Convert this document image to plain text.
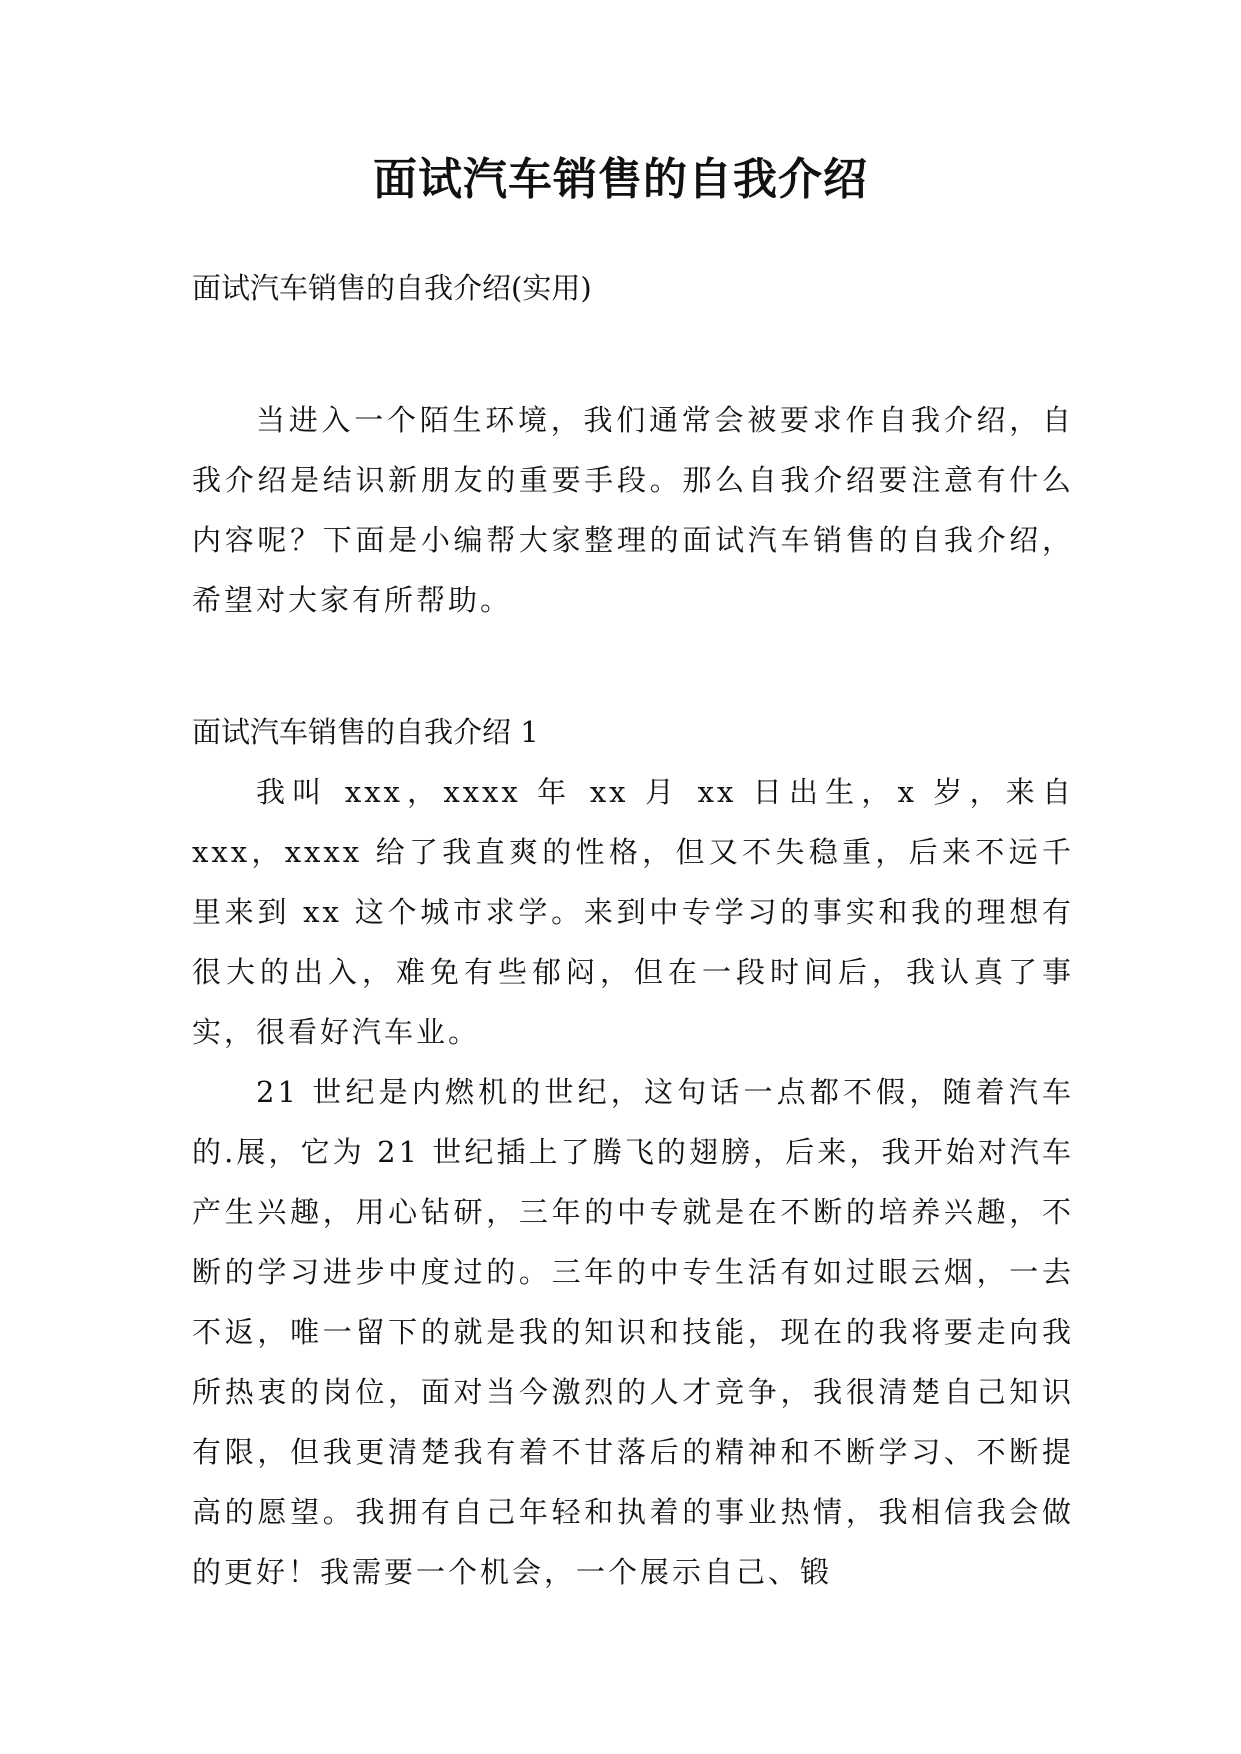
面试汽车销售的自我介绍

面试汽车销售的自我介绍(实用)

当进入一个陌生环境，我们通常会被要求作自我介绍，自我介绍是结识新朋友的重要手段。那么自我介绍要注意有什么内容呢？下面是小编帮大家整理的面试汽车销售的自我介绍，希望对大家有所帮助。

面试汽车销售的自我介绍 1

我叫 xxx，xxxx 年 xx 月 xx 日出生，x 岁，来自 xxx，xxxx 给了我直爽的性格，但又不失稳重，后来不远千里来到 xx 这个城市求学。来到中专学习的事实和我的理想有很大的出入，难免有些郁闷，但在一段时间后，我认真了事实，很看好汽车业。

21 世纪是内燃机的世纪，这句话一点都不假，随着汽车的.展，它为 21 世纪插上了腾飞的翅膀，后来，我开始对汽车产生兴趣，用心钻研，三年的中专就是在不断的培养兴趣，不断的学习进步中度过的。三年的中专生活有如过眼云烟，一去不返，唯一留下的就是我的知识和技能，现在的我将要走向我所热衷的岗位，面对当今激烈的人才竞争，我很清楚自己知识有限，但我更清楚我有着不甘落后的精神和不断学习、不断提高的愿望。我拥有自己年轻和执着的事业热情，我相信我会做的更好！我需要一个机会，一个展示自己、锻
